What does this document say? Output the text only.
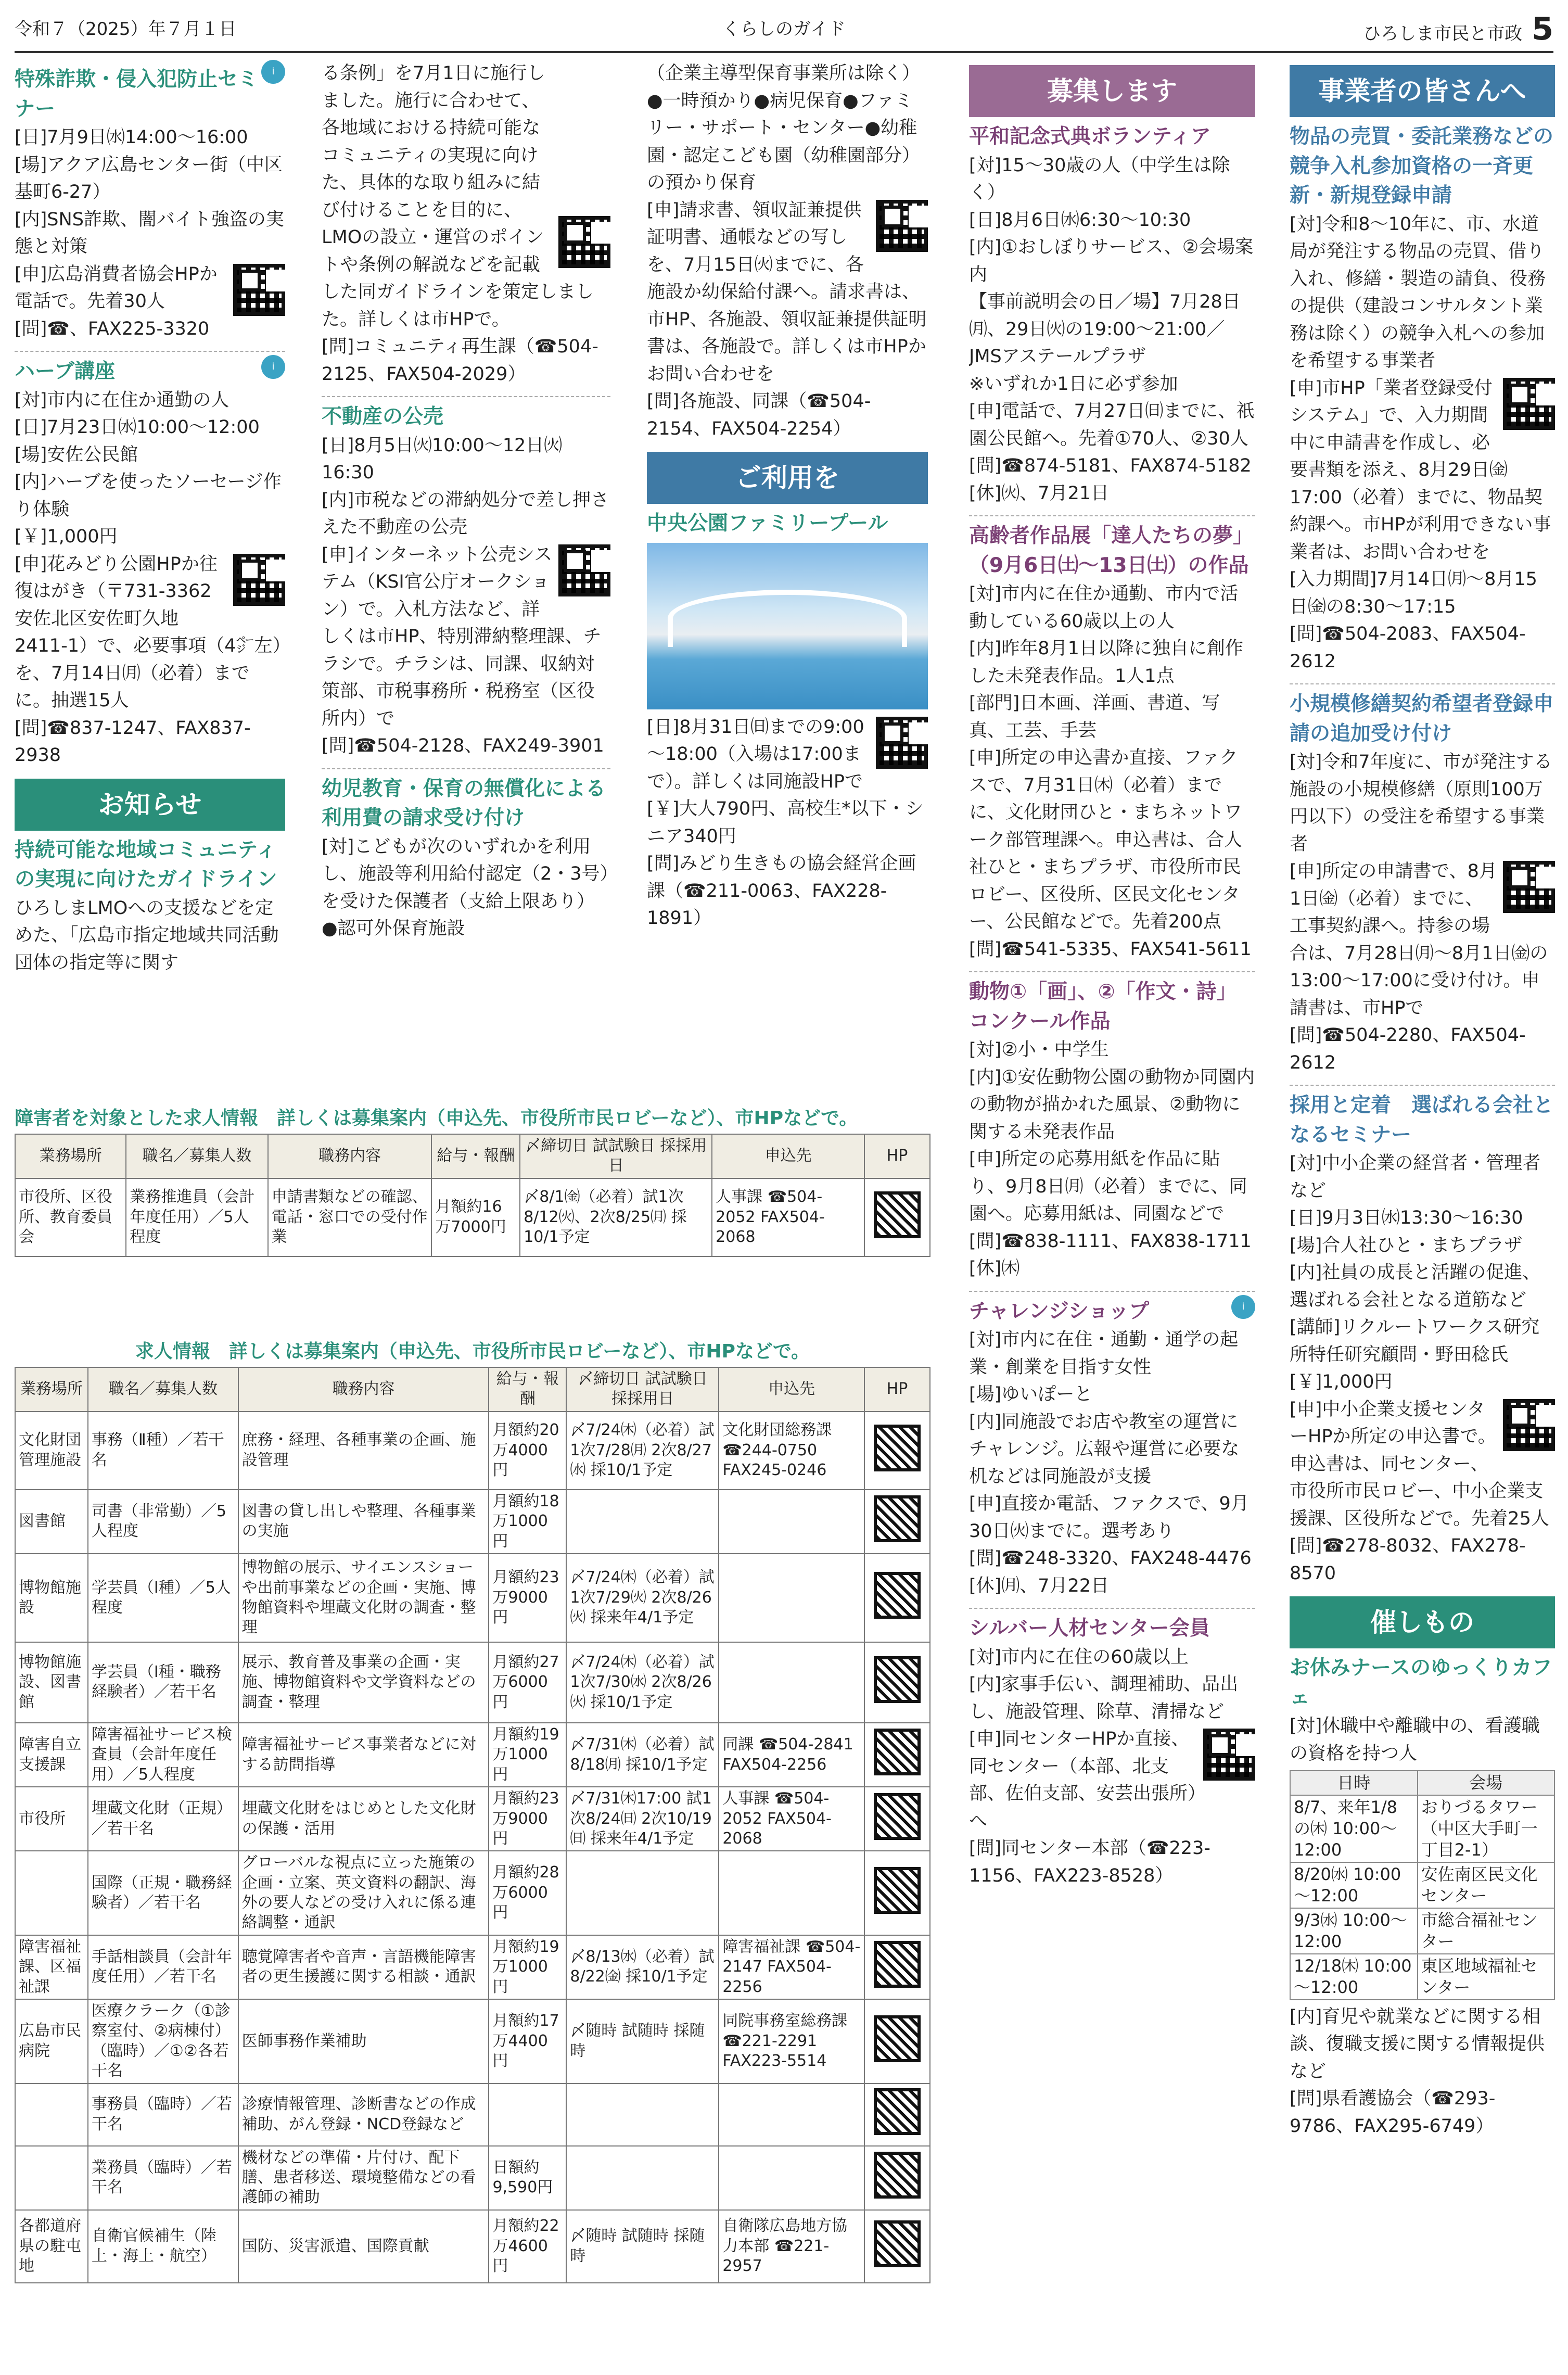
令和７（2025）年７月１日	くらしのガイド	ひろしま市民と市政 5
i
特殊詐欺・侵入犯防止セミナー
[日]7月9日㈬14:00～16:00
[場]アクア広島センター街（中区基町6-27）
[内]SNS詐欺、闇バイト強盗の実態と対策
[申]広島消費者協会HPか電話で。先着30人
[問]☎、FAX225-3320
i
ハーブ講座
[対]市内に在住か通勤の人
[日]7月23日㈬10:00～12:00
[場]安佐公民館
[内]ハーブを使ったソーセージ作り体験
[￥]1,000円
[申]花みどり公園HPか往復はがき（〒731-3362 安佐北区安佐町久地2411-1）で、必要事項（4㌻左）を、7月14日㈪（必着）までに。抽選15人
[問]☎837-1247、FAX837-2938
お知らせ
持続可能な地域コミュニティの実現に向けたガイドライン
ひろしまLMOへの支援などを定めた、「広島市指定地域共同活動団体の指定等に関す
る条例」を7月1日に施行しました。施行に合わせて、各地域における持続可能なコミュニティの実現に向けた、具体的な取り組みに結び付けることを目的に、LMOの設立・運営のポイントや条例の解説などを記載した同ガイドラインを策定しました。詳しくは市HPで。
[問]コミュニティ再生課（☎504-2125、FAX504-2029）
不動産の公売
[日]8月5日㈫10:00～12日㈫16:30
[内]市税などの滞納処分で差し押さえた不動産の公売
[申]インターネット公売システム（KSI官公庁オークション）で。入札方法など、詳しくは市HP、特別滞納整理課、チラシで。チラシは、同課、収納対策部、市税事務所・税務室（区役所内）で
[問]☎504-2128、FAX249-3901
幼児教育・保育の無償化による利用費の請求受け付け
[対]こどもが次のいずれかを利用し、施設等利用給付認定（2・3号）を受けた保護者（支給上限あり）●認可外保育施設
（企業主導型保育事業所は除く）●一時預かり●病児保育●ファミリー・サポート・センター●幼稚園・認定こども園（幼稚園部分）の預かり保育
[申]請求書、領収証兼提供証明書、通帳などの写しを、7月15日㈫までに、各施設か幼保給付課へ。請求書は、市HP、各施設、領収証兼提供証明書は、各施設で。詳しくは市HPかお問い合わせを
[問]各施設、同課（☎504-2154、FAX504-2254）
ご利用を
中央公園ファミリープール
[日]8月31日㈰までの9:00～18:00（入場は17:00まで）。詳しくは同施設HPで
[￥]大人790円、高校生*以下・シニア340円
[問]みどり生きもの協会経営企画課（☎211-0063、FAX228-1891）
募集します
平和記念式典ボランティア
[対]15～30歳の人（中学生は除く）
[日]8月6日㈬6:30～10:30
[内]①おしぼりサービス、②会場案内
【事前説明会の日／場】7月28日㈪、29日㈫の19:00～21:00／JMSアステールプラザ
※いずれか1日に必ず参加
[申]電話で、7月27日㈰までに、祇園公民館へ。先着①70人、②30人
[問]☎874-5181、FAX874-5182
[休]㈫、7月21日
高齢者作品展「達人たちの夢」（9月6日㈯～13日㈯）の作品
[対]市内に在住か通勤、市内で活動している60歳以上の人
[内]昨年8月1日以降に独自に創作した未発表作品。1人1点
[部門]日本画、洋画、書道、写真、工芸、手芸
[申]所定の申込書か直接、ファクスで、7月31日㈭（必着）までに、文化財団ひと・まちネットワーク部管理課へ。申込書は、合人社ひと・まちプラザ、市役所市民ロビー、区役所、区民文化センター、公民館などで。先着200点
[問]☎541-5335、FAX541-5611
動物①「画」、②「作文・詩」コンクール作品
[対]②小・中学生
[内]①安佐動物公園の動物か同園内の動物が描かれた風景、②動物に関する未発表作品
[申]所定の応募用紙を作品に貼り、9月8日㈪（必着）までに、同園へ。応募用紙は、同園などで
[問]☎838-1111、FAX838-1711
[休]㈭
i
チャレンジショップ
[対]市内に在住・通勤・通学の起業・創業を目指す女性
[場]ゆいぽーと
[内]同施設でお店や教室の運営にチャレンジ。広報や運営に必要な机などは同施設が支援
[申]直接か電話、ファクスで、9月30日㈫までに。選考あり
[問]☎248-3320、FAX248-4476
[休]㈪、7月22日
シルバー人材センター会員
[対]市内に在住の60歳以上
[内]家事手伝い、調理補助、品出し、施設管理、除草、清掃など
[申]同センターHPか直接、同センター（本部、北支部、佐伯支部、安芸出張所）へ
[問]同センター本部（☎223-1156、FAX223-8528）
事業者の皆さんへ
物品の売買・委託業務などの競争入札参加資格の一斉更新・新規登録申請
[対]令和8～10年に、市、水道局が発注する物品の売買、借り入れ、修繕・製造の請負、役務の提供（建設コンサルタント業務は除く）の競争入札への参加を希望する事業者
[申]市HP「業者登録受付システム」で、入力期間中に申請書を作成し、必要書類を添え、8月29日㈮17:00（必着）までに、物品契約課へ。市HPが利用できない事業者は、お問い合わせを
[入力期間]7月14日㈪～8月15日㈮の8:30～17:15
[問]☎504-2083、FAX504-2612
小規模修繕契約希望者登録申請の追加受け付け
[対]令和7年度に、市が発注する施設の小規模修繕（原則100万円以下）の受注を希望する事業者
[申]所定の申請書で、8月1日㈮（必着）までに、工事契約課へ。持参の場合は、7月28日㈪～8月1日㈮の13:00～17:00に受け付け。申請書は、市HPで
[問]☎504-2280、FAX504-2612
採用と定着　選ばれる会社となるセミナー
[対]中小企業の経営者・管理者など
[日]9月3日㈬13:30～16:30
[場]合人社ひと・まちプラザ
[内]社員の成長と活躍の促進、選ばれる会社となる道筋など
[講師]リクルートワークス研究所特任研究顧問・野田稔氏
[￥]1,000円
[申]中小企業支援センターHPか所定の申込書で。申込書は、同センター、市役所市民ロビー、中小企業支援課、区役所などで。先着25人
[問]☎278-8032、FAX278-8570
催しもの
お休みナースのゆっくりカフェ
[対]休職中や離職中の、看護職の資格を持つ人
日時	会場
8/7、来年1/8の㈭ 10:00～12:00	おりづるタワー（中区大手町一丁目2-1）
8/20㈬ 10:00～12:00	安佐南区民文化センター
9/3㈬ 10:00～12:00	市総合福祉センター
12/18㈭ 10:00～12:00	東区地域福祉センター
[内]育児や就業などに関する相談、復職支援に関する情報提供など
[問]県看護協会（☎293-9786、FAX295-6749）
障害者を対象とした求人情報　詳しくは募集案内（申込先、市役所市民ロビーなど）、市HPなどで。
業務場所	職名／募集人数	職務内容	給与・報酬	〆締切日 試試験日 採採用日	申込先	HP
市役所、区役所、教育委員会	業務推進員（会計年度任用）／5人程度	申請書類などの確認、電話・窓口での受付作業	月額約16万7000円	〆8/1㈮（必着）試1次8/12㈫、2次8/25㈪ 採10/1予定	人事課 ☎504-2052 FAX504-2068	
求人情報　詳しくは募集案内（申込先、市役所市民ロビーなど）、市HPなどで。
業務場所	職名／募集人数	職務内容	給与・報酬	〆締切日 試試験日 採採用日	申込先	HP
文化財団管理施設	事務（Ⅱ種）／若干名	庶務・経理、各種事業の企画、施設管理	月額約20万4000円	〆7/24㈭（必着）試1次7/28㈪ 2次8/27㈬ 採10/1予定	文化財団総務課 ☎244-0750 FAX245-0246	
図書館	司書（非常勤）／5人程度	図書の貸し出しや整理、各種事業の実施	月額約18万1000円			
博物館施設	学芸員（Ⅰ種）／5人程度	博物館の展示、サイエンスショーや出前事業などの企画・実施、博物館資料や埋蔵文化財の調査・整理	月額約23万9000円	〆7/24㈭（必着）試1次7/29㈫ 2次8/26㈫ 採来年4/1予定		
博物館施設、図書館	学芸員（Ⅰ種・職務経験者）／若干名	展示、教育普及事業の企画・実施、博物館資料や文学資料などの調査・整理	月額約27万6000円	〆7/24㈭（必着）試1次7/30㈬ 2次8/26㈫ 採10/1予定		
障害自立支援課	障害福祉サービス検査員（会計年度任用）／5人程度	障害福祉サービス事業者などに対する訪問指導	月額約19万1000円	〆7/31㈭（必着）試8/18㈪ 採10/1予定	同課 ☎504-2841 FAX504-2256	
市役所	埋蔵文化財（正規）／若干名	埋蔵文化財をはじめとした文化財の保護・活用	月額約23万9000円	〆7/31㈭17:00 試1次8/24㈰ 2次10/19㈰ 採来年4/1予定	人事課 ☎504-2052 FAX504-2068	
	国際（正規・職務経験者）／若干名	グローバルな視点に立った施策の企画・立案、英文資料の翻訳、海外の要人などの受け入れに係る連絡調整・通訳	月額約28万6000円			
障害福祉課、区福祉課	手話相談員（会計年度任用）／若干名	聴覚障害者や音声・言語機能障害者の更生援護に関する相談・通訳	月額約19万1000円	〆8/13㈬（必着）試8/22㈮ 採10/1予定	障害福祉課 ☎504-2147 FAX504-2256	
広島市民病院	医療クラーク（①診察室付、②病棟付）（臨時）／①②各若干名	医師事務作業補助	月額約17万4400円	〆随時 試随時 採随時	同院事務室総務課 ☎221-2291 FAX223-5514	
	事務員（臨時）／若干名	診療情報管理、診断書などの作成補助、がん登録・NCD登録など				
	業務員（臨時）／若干名	機材などの準備・片付け、配下膳、患者移送、環境整備などの看護師の補助	日額約9,590円			
各都道府県の駐屯地	自衛官候補生（陸上・海上・航空）	国防、災害派遣、国際貢献	月額約22万4600円	〆随時 試随時 採随時	自衛隊広島地方協力本部 ☎221-2957	
